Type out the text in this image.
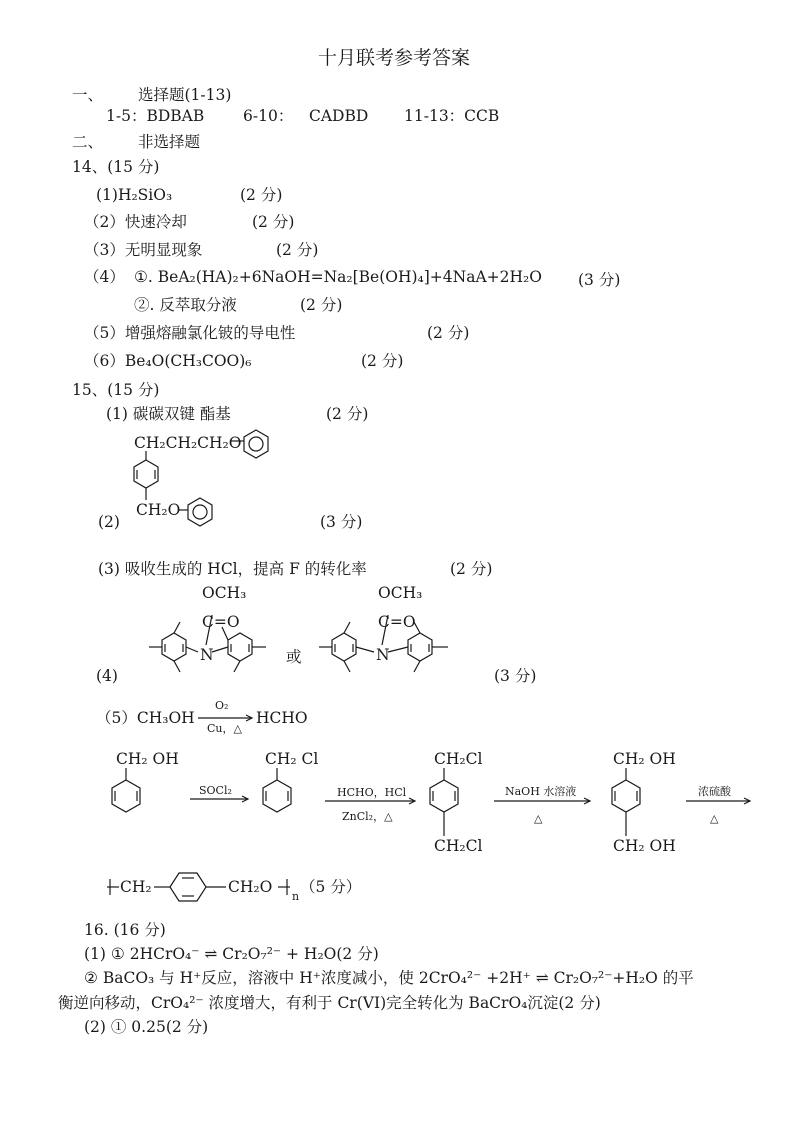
十月联考参考答案
一、 选择题(1-13)
1-5：BDBAB 6-10： CADBD 11-13：CCB
二、 非选择题
14、(15 分)
(1)H₂SiO₃	(2 分)
（2）快速冷却	(2 分)
（3）无明显现象	(2 分)
（4） ①. BeA₂(HA)₂+6NaOH=Na₂[Be(OH)₄]+4NaA+2H₂O (3 分)
②. 反萃取分液	(2 分)
（5）增强熔融氯化铍的导电性	(2 分)
（6）Be₄O(CH₃COO)₆	(2 分)
15、(15 分)
(1) 碳碳双键 酯基	(2 分)
CH₂CH₂CH₂O
CH₂O
(2)	(3 分)
(3) 吸收生成的 HCl，提高 F 的转化率	(2 分)
OCH₃
C=O
N	或
OCH₃
C=O
N
(4)	(3 分)
（5）CH₃OH
O₂
Cu，△
HCHO
CH₂ OH
SOCl₂
CH₂ Cl
HCHO，HCl
ZnCl₂，△
CH₂Cl
CH₂Cl
NaOH 水溶液
△
CH₂ OH
CH₂ OH
浓硫酸
△
CH₂	CH₂O
n
（5 分）
16. (16 分)
(1) ① 2HCrO₄⁻ ⇌ Cr₂O₇²⁻ + H₂O(2 分)
② BaCO₃ 与 H⁺反应，溶液中 H⁺浓度减小，使 2CrO₄²⁻ +2H⁺ ⇌ Cr₂O₇²⁻+H₂O 的平
衡逆向移动，CrO₄²⁻ 浓度增大，有利于 Cr(VI)完全转化为 BaCrO₄沉淀(2 分)
(2) ① 0.25(2 分)
